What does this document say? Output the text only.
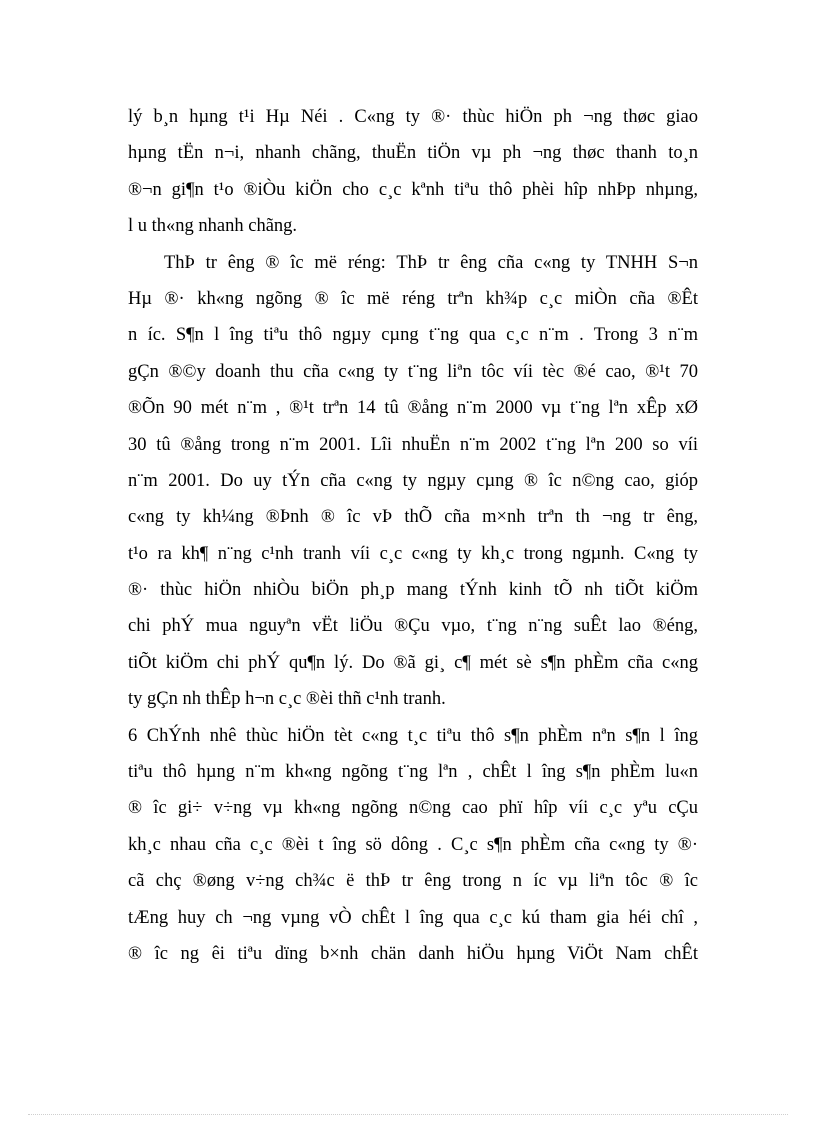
lý b¸n hµng t¹i Hµ Néi . C«ng ty ®· thùc hiÖn ph ¬ng thøc giao
hµng tËn n¬i, nhanh chãng, thuËn tiÖn vµ ph ¬ng thøc thanh to¸n
®¬n gi¶n t¹o ®iÒu kiÖn cho c¸c kªnh tiªu thô phèi hîp nhÞp nhµng,
l u th«ng nhanh chãng.
ThÞ tr êng ® îc më réng: ThÞ tr êng cña c«ng ty TNHH S¬n
Hµ ®· kh«ng ngõng ® îc më réng trªn kh¾p c¸c miÒn cña ®Êt
n íc. S¶n l îng tiªu thô ngµy cµng t¨ng qua c¸c n¨m . Trong 3 n¨m
gÇn ®©y doanh thu cña c«ng ty t¨ng liªn tôc víi tèc ®é cao, ®¹t 70
®Õn 90 mét n¨m , ®¹t trªn 14 tû ®ång n¨m 2000 vµ t¨ng lªn xÊp xØ
30 tû ®ång trong n¨m 2001. Lîi nhuËn n¨m 2002 t¨ng lªn 200 so víi
n¨m 2001. Do uy tÝn cña c«ng ty ngµy cµng ® îc n©ng cao, gióp
c«ng ty kh¼ng ®Þnh ® îc vÞ thÕ cña m×nh trªn th ¬ng tr êng,
t¹o ra kh¶ n¨ng c¹nh tranh víi c¸c c«ng ty kh¸c trong ngµnh. C«ng ty
®· thùc hiÖn nhiÒu biÖn ph¸p mang tÝnh kinh tÕ nh tiÕt kiÖm
chi phÝ mua nguyªn vËt liÖu ®Çu vµo, t¨ng n¨ng suÊt lao ®éng,
tiÕt kiÖm chi phÝ qu¶n lý. Do ®ã gi¸ c¶ mét sè s¶n phÈm cña c«ng
ty gÇn nh thÊp h¬n c¸c ®èi thñ c¹nh tranh.
6 ChÝnh nhê thùc hiÖn tèt c«ng t¸c tiªu thô s¶n phÈm nªn s¶n l îng
tiªu thô hµng n¨m kh«ng ngõng t¨ng lªn , chÊt l îng s¶n phÈm lu«n
® îc gi÷ v÷ng vµ kh«ng ngõng n©ng cao phï hîp víi c¸c yªu cÇu
kh¸c nhau cña c¸c ®èi t îng sö dông . C¸c s¶n phÈm cña c«ng ty ®·
cã chç ®øng v÷ng ch¾c ë thÞ tr êng trong n íc vµ liªn tôc ® îc
tÆng huy ch ¬ng vµng vÒ chÊt l îng qua c¸c kú tham gia héi chî ,
® îc ng êi tiªu dïng b×nh chän danh hiÖu hµng ViÖt Nam chÊt
